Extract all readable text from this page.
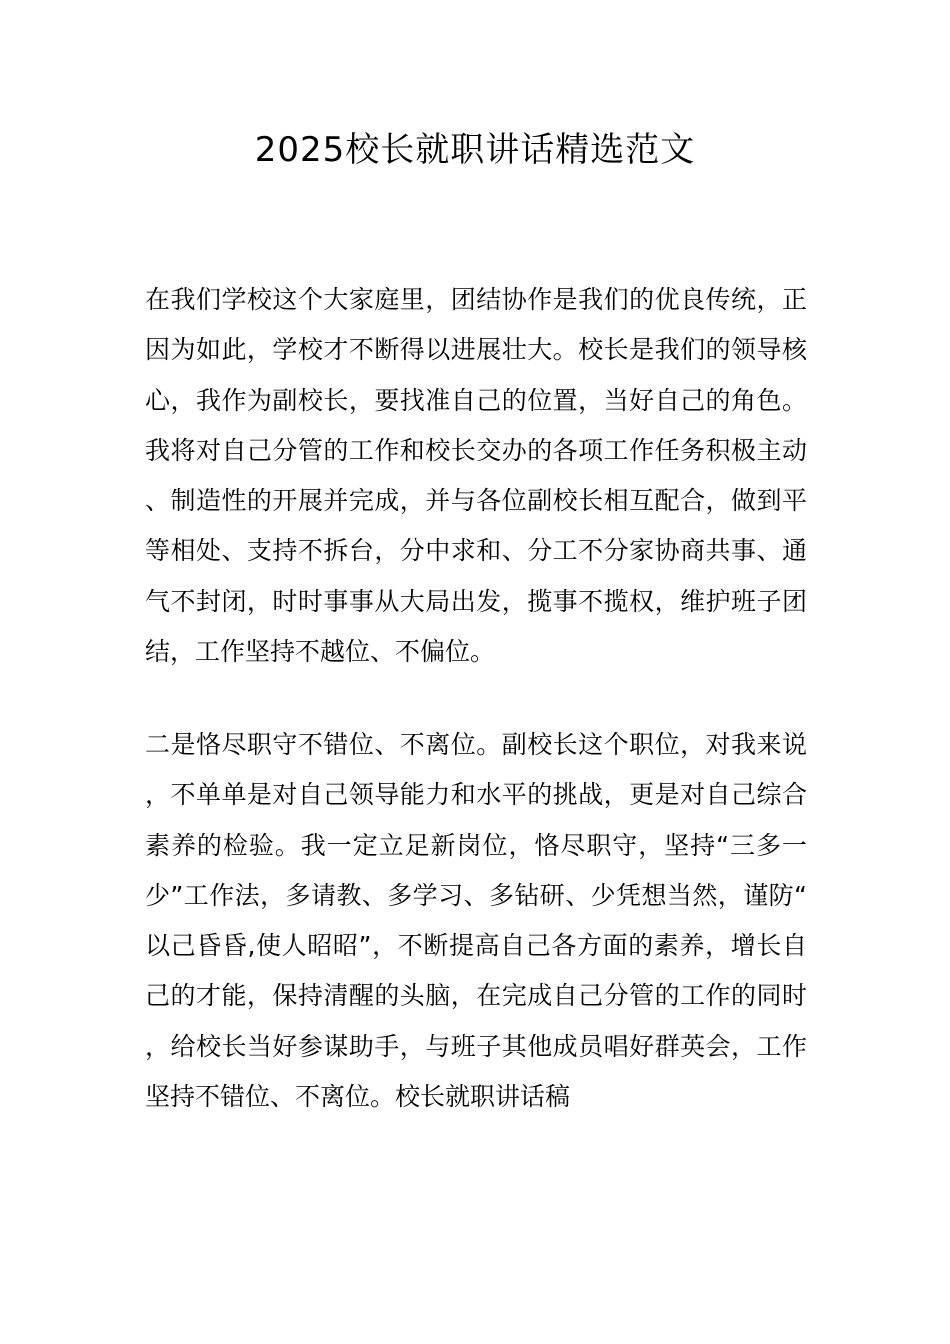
2025校长就职讲话精选范文

在我们学校这个大家庭里，团结协作是我们的优良传统，正因为如此，学校才不断得以进展壮大。校长是我们的领导核心，我作为副校长，要找准自己的位置，当好自己的角色。我将对自己分管的工作和校长交办的各项工作任务积极主动、制造性的开展并完成，并与各位副校长相互配合，做到平等相处、支持不拆台，分中求和、分工不分家协商共事、通气不封闭，时时事事从大局出发，揽事不揽权，维护班子团结，工作坚持不越位、不偏位。

二是恪尽职守不错位、不离位。副校长这个职位，对我来说，不单单是对自己领导能力和水平的挑战，更是对自己综合素养的检验。我一定立足新岗位，恪尽职守，坚持“三多一少”工作法，多请教、多学习、多钻研、少凭想当然，谨防“以己昏昏,使人昭昭”，不断提高自己各方面的素养，增长自己的才能，保持清醒的头脑，在完成自己分管的工作的同时，给校长当好参谋助手，与班子其他成员唱好群英会，工作坚持不错位、不离位。校长就职讲话稿
